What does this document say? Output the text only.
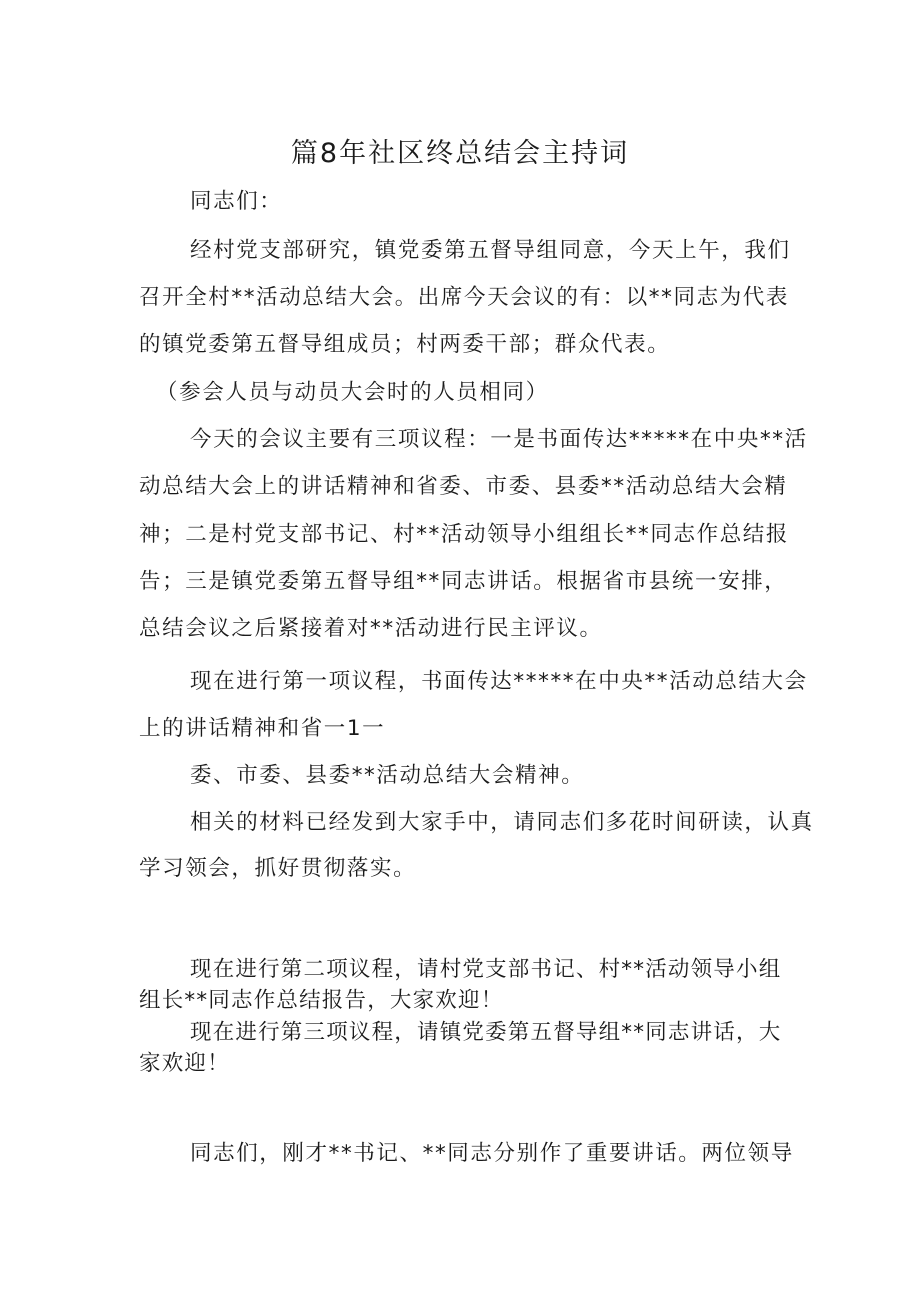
篇8年社区终总结会主持词
同志们：
经村党支部研究，镇党委第五督导组同意，今天上午，我们
召开全村**活动总结大会。出席今天会议的有：以**同志为代表
的镇党委第五督导组成员；村两委干部；群众代表。
（参会人员与动员大会时的人员相同）
今天的会议主要有三项议程：一是书面传达*****在中央**活
动总结大会上的讲话精神和省委、市委、县委**活动总结大会精
神；二是村党支部书记、村**活动领导小组组长**同志作总结报
告；三是镇党委第五督导组**同志讲话。根据省市县统一安排，
总结会议之后紧接着对**活动进行民主评议。
现在进行第一项议程，书面传达*****在中央**活动总结大会
上的讲话精神和省一1一
委、市委、县委**活动总结大会精神。
相关的材料已经发到大家手中，请同志们多花时间研读，认真
学习领会，抓好贯彻落实。
现在进行第二项议程，请村党支部书记、村**活动领导小组
组长**同志作总结报告，大家欢迎！
现在进行第三项议程，请镇党委第五督导组**同志讲话，大
家欢迎！
同志们，刚才**书记、**同志分别作了重要讲话。两位领导
